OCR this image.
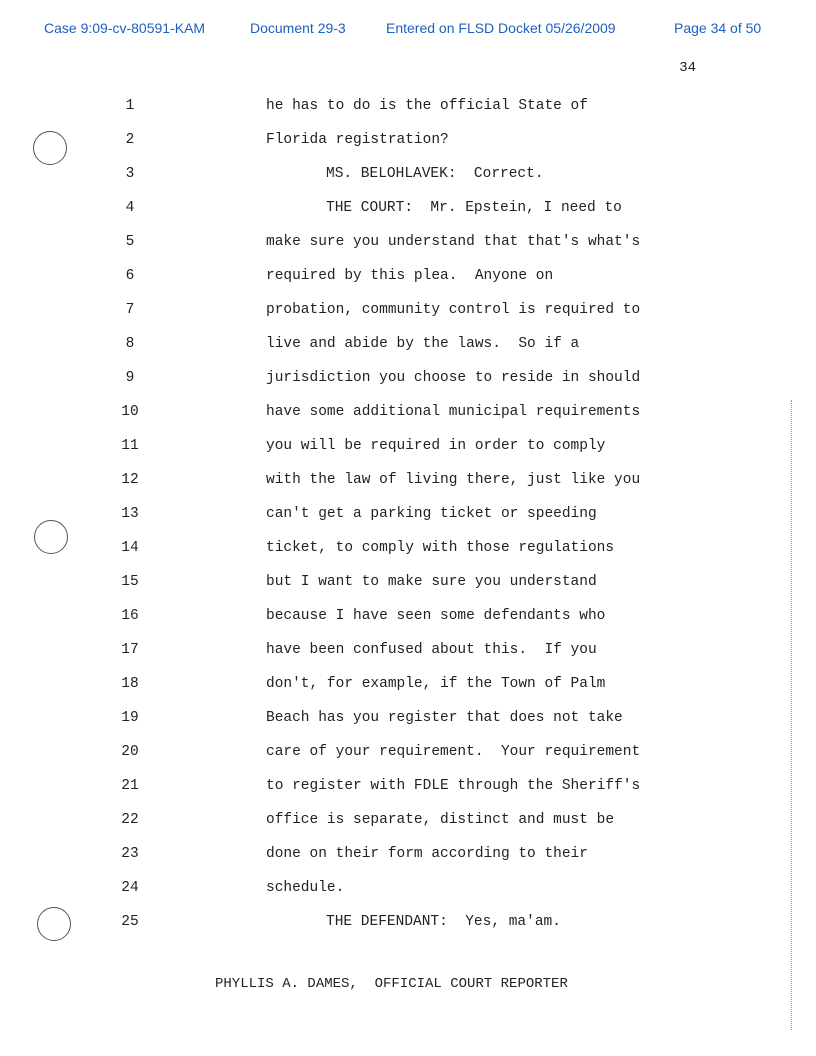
Case 9:09-cv-80591-KAM	Document 29-3	Entered on FLSD Docket 05/26/2009	Page 34 of 50
34
1	he has to do is the official State of
2	Florida registration?
3	MS. BELOHLAVEK:  Correct.
4	THE COURT:  Mr. Epstein, I need to
5	make sure you understand that that's what's
6	required by this plea.  Anyone on
7	probation, community control is required to
8	live and abide by the laws.  So if a
9	jurisdiction you choose to reside in should
10	have some additional municipal requirements
11	you will be required in order to comply
12	with the law of living there, just like you
13	can't get a parking ticket or speeding
14	ticket, to comply with those regulations
15	but I want to make sure you understand
16	because I have seen some defendants who
17	have been confused about this.  If you
18	don't, for example, if the Town of Palm
19	Beach has you register that does not take
20	care of your requirement.  Your requirement
21	to register with FDLE through the Sheriff's
22	office is separate, distinct and must be
23	done on their form according to their
24	schedule.
25	THE DEFENDANT:  Yes, ma'am.
PHYLLIS A. DAMES,  OFFICIAL COURT REPORTER
